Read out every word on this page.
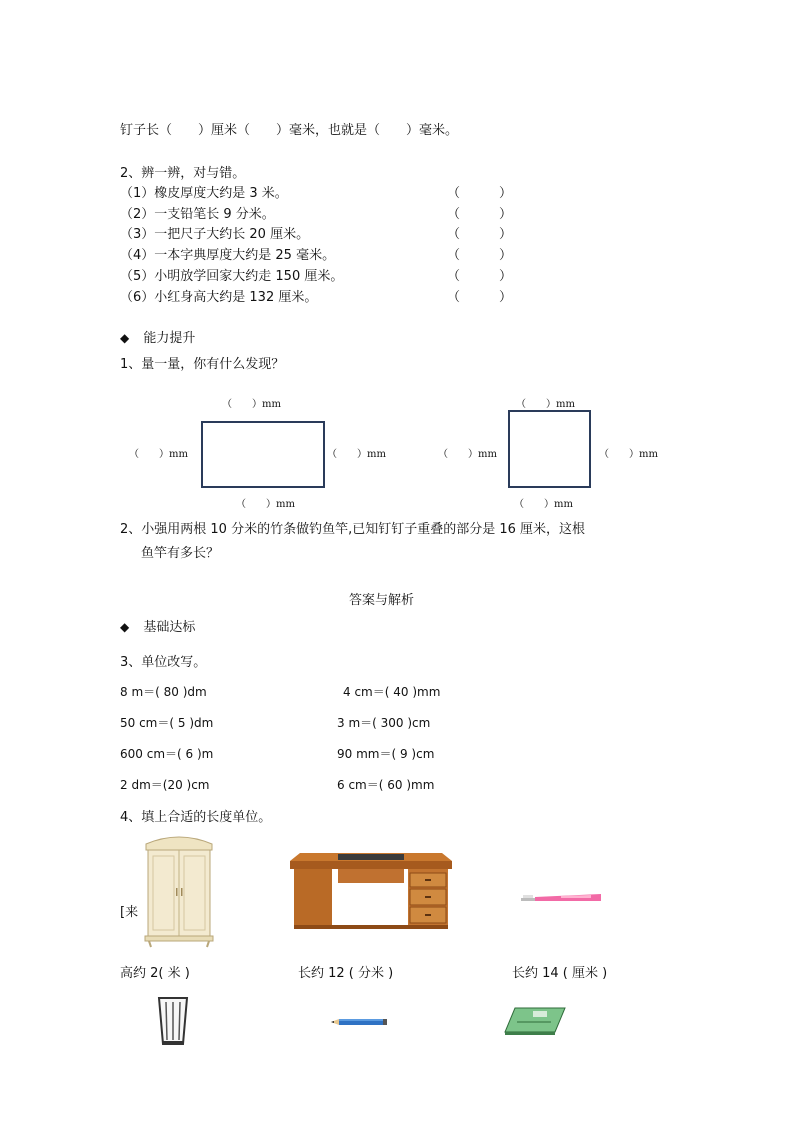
钉子长（　　）厘米（　　）毫米，也就是（　　）毫米。
2、辨一辨，对与错。
（1）橡皮厚度大约是 3 米。	（　　　）
（2）一支铅笔长 9 分米。	（　　　）
（3）一把尺子大约长 20 厘米。	（　　　）
（4）一本字典厚度大约是 25 毫米。	（　　　）
（5）小明放学回家大约走 150 厘米。	（　　　）
（6）小红身高大约是 132 厘米。	（　　　）
◆ 能力提升
1、量一量，你有什么发现？
（　　）mm
（　　）mm	（　　）mm
（　　）mm
（　　）mm
（　　）mm	（　　）mm
（　　）mm
2、小强用两根 10 分米的竹条做钓鱼竿,已知钉钉子重叠的部分是 16 厘米，这根
鱼竿有多长？
答案与解析
◆ 基础达标
3、单位改写。
8 m＝( 80 )dm	4 cm＝( 40 )mm
50 cm＝( 5 )dm	3 m＝( 300 )cm
600 cm＝( 6 )m	90 mm＝( 9 )cm
2 dm＝(20 )cm	6 cm＝( 60 )mm
4、填上合适的长度单位。
[来
高约 2( 米 )	长约 12 ( 分米 )	长约 14 ( 厘米 )
